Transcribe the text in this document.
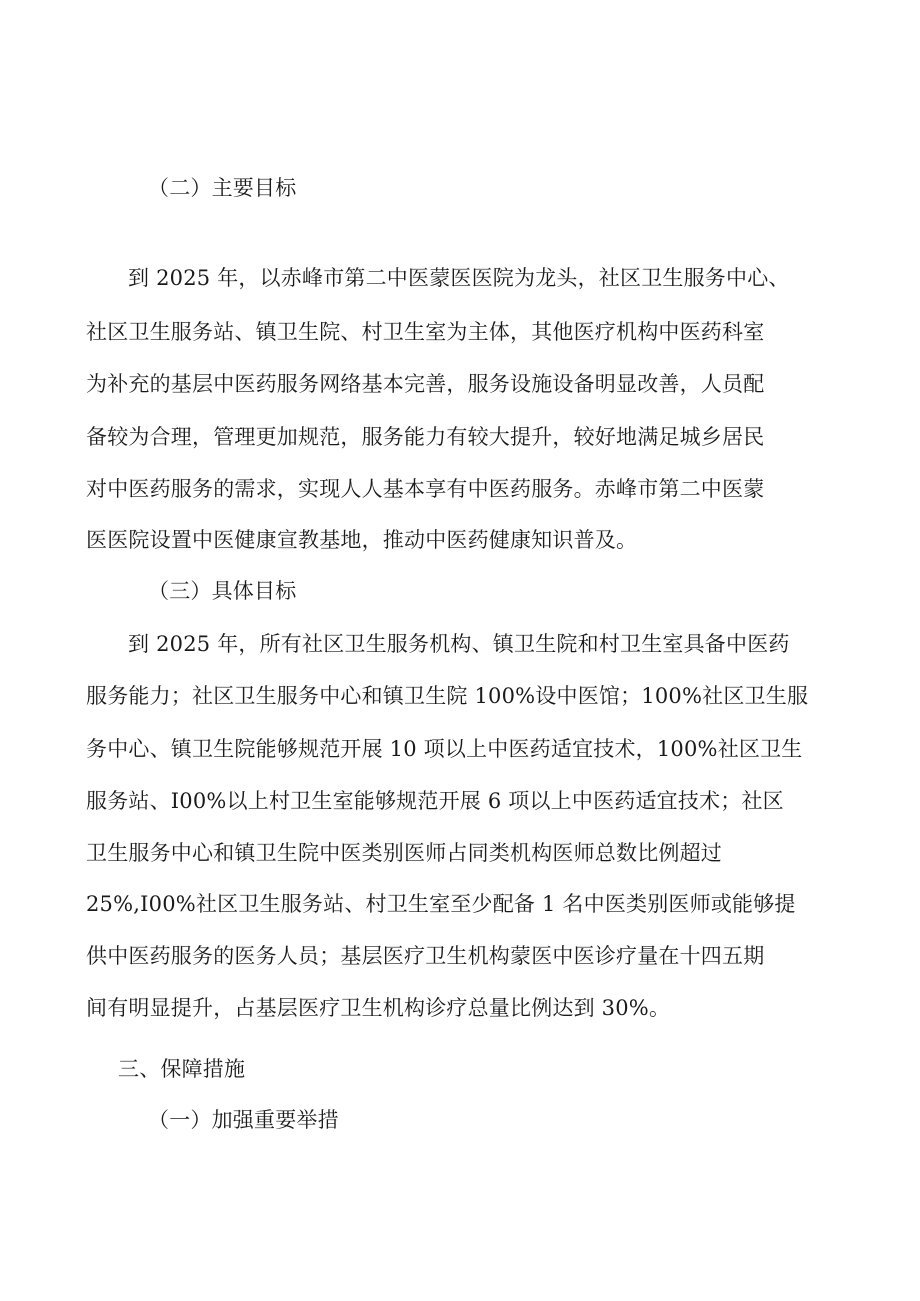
（二）主要目标
到 2025 年，以赤峰市第二中医蒙医医院为龙头，社区卫生服务中心、
社区卫生服务站、镇卫生院、村卫生室为主体，其他医疗机构中医药科室
为补充的基层中医药服务网络基本完善，服务设施设备明显改善，人员配
备较为合理，管理更加规范，服务能力有较大提升，较好地满足城乡居民
对中医药服务的需求，实现人人基本享有中医药服务。赤峰市第二中医蒙
医医院设置中医健康宣教基地，推动中医药健康知识普及。
（三）具体目标
到 2025 年，所有社区卫生服务机构、镇卫生院和村卫生室具备中医药
服务能力；社区卫生服务中心和镇卫生院 100%设中医馆；100%社区卫生服
务中心、镇卫生院能够规范开展 10 项以上中医药适宜技术，100%社区卫生
服务站、I00%以上村卫生室能够规范开展 6 项以上中医药适宜技术；社区
卫生服务中心和镇卫生院中医类别医师占同类机构医师总数比例超过
25%,I00%社区卫生服务站、村卫生室至少配备 1 名中医类别医师或能够提
供中医药服务的医务人员；基层医疗卫生机构蒙医中医诊疗量在十四五期
间有明显提升，占基层医疗卫生机构诊疗总量比例达到 30%。
三、保障措施
（一）加强重要举措
